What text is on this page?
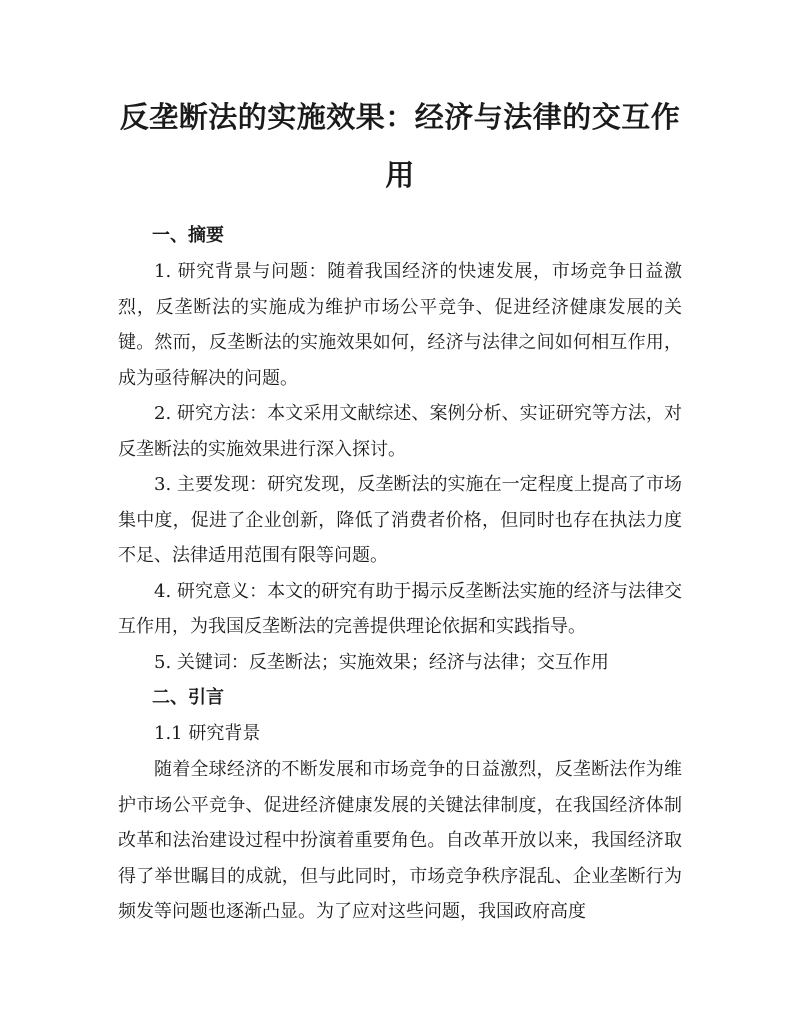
反垄断法的实施效果：经济与法律的交互作用
一、摘要

1. 研究背景与问题：随着我国经济的快速发展，市场竞争日益激烈，反垄断法的实施成为维护市场公平竞争、促进经济健康发展的关键。然而，反垄断法的实施效果如何，经济与法律之间如何相互作用，成为亟待解决的问题。

2. 研究方法：本文采用文献综述、案例分析、实证研究等方法，对反垄断法的实施效果进行深入探讨。

3. 主要发现：研究发现，反垄断法的实施在一定程度上提高了市场集中度，促进了企业创新，降低了消费者价格，但同时也存在执法力度不足、法律适用范围有限等问题。

4. 研究意义：本文的研究有助于揭示反垄断法实施的经济与法律交互作用，为我国反垄断法的完善提供理论依据和实践指导。

5. 关键词：反垄断法；实施效果；经济与法律；交互作用

二、引言
1.1 研究背景

随着全球经济的不断发展和市场竞争的日益激烈，反垄断法作为维护市场公平竞争、促进经济健康发展的关键法律制度，在我国经济体制改革和法治建设过程中扮演着重要角色。自改革开放以来，我国经济取得了举世瞩目的成就，但与此同时，市场竞争秩序混乱、企业垄断行为频发等问题也逐渐凸显。为了应对这些问题，我国政府高度
